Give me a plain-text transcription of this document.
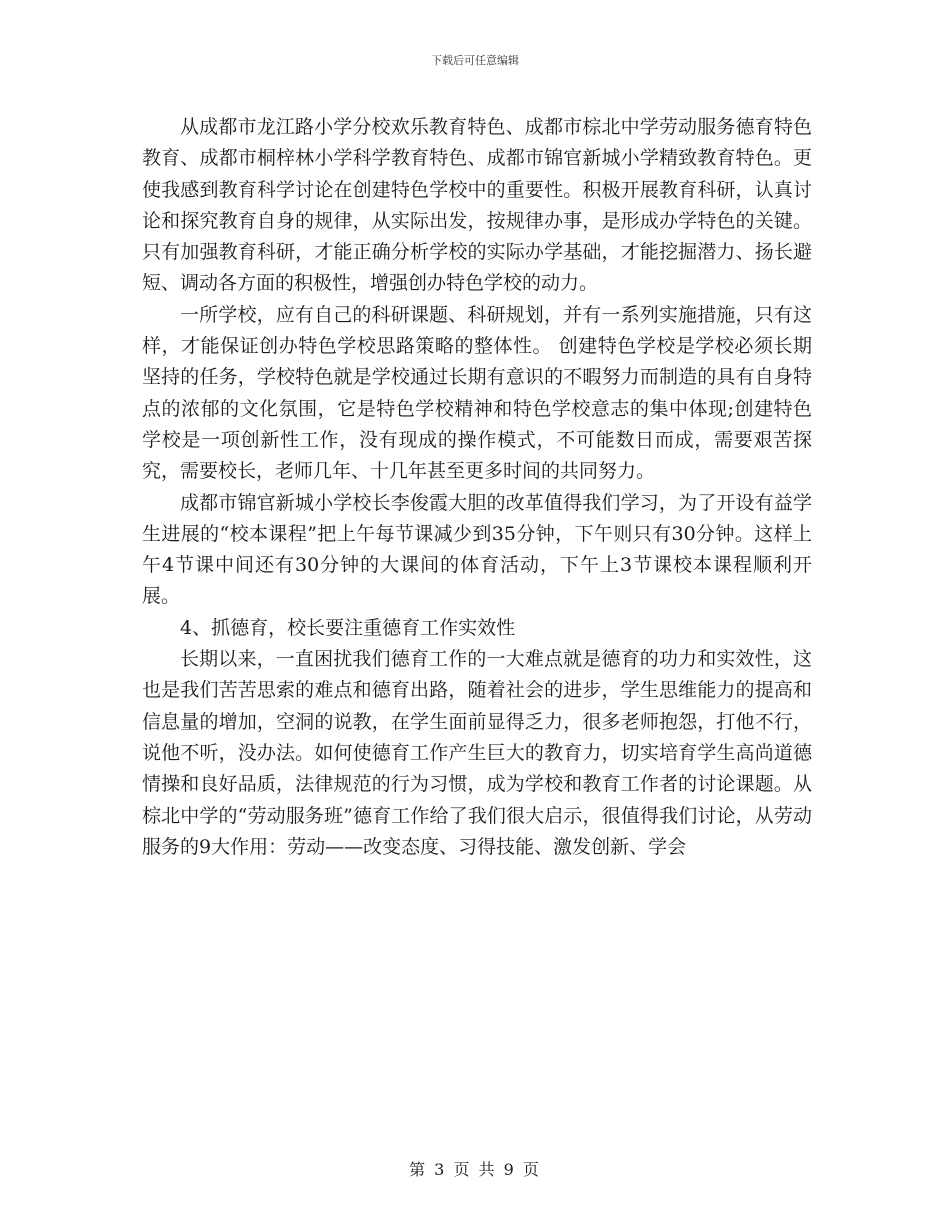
下载后可任意编辑

从成都市龙江路小学分校欢乐教育特色、成都市棕北中学劳动服务德育特色教育、成都市桐梓林小学科学教育特色、成都市锦官新城小学精致教育特色。更使我感到教育科学讨论在创建特色学校中的重要性。积极开展教育科研，认真讨论和探究教育自身的规律，从实际出发，按规律办事，是形成办学特色的关键。只有加强教育科研，才能正确分析学校的实际办学基础，才能挖掘潜力、扬长避短、调动各方面的积极性，增强创办特色学校的动力。

一所学校，应有自己的科研课题、科研规划，并有一系列实施措施，只有这样，才能保证创办特色学校思路策略的整体性。 创建特色学校是学校必须长期坚持的任务，学校特色就是学校通过长期有意识的不暇努力而制造的具有自身特点的浓郁的文化氛围，它是特色学校精神和特色学校意志的集中体现;创建特色学校是一项创新性工作，没有现成的操作模式，不可能数日而成，需要艰苦探究，需要校长，老师几年、十几年甚至更多时间的共同努力。

成都市锦官新城小学校长李俊霞大胆的改革值得我们学习，为了开设有益学生进展的“校本课程”把上午每节课减少到35分钟，下午则只有30分钟。这样上午4节课中间还有30分钟的大课间的体育活动，下午上3节课校本课程顺利开展。

4、抓德育，校长要注重德育工作实效性

长期以来，一直困扰我们德育工作的一大难点就是德育的功力和实效性，这也是我们苦苦思索的难点和德育出路，随着社会的进步，学生思维能力的提高和信息量的增加，空洞的说教，在学生面前显得乏力，很多老师抱怨，打他不行，说他不听，没办法。如何使德育工作产生巨大的教育力，切实培育学生高尚道德情操和良好品质，法律规范的行为习惯，成为学校和教育工作者的讨论课题。从棕北中学的“劳动服务班”德育工作给了我们很大启示，很值得我们讨论，从劳动服务的9大作用：劳动——改变态度、习得技能、激发创新、学会

第 3 页 共 9 页
